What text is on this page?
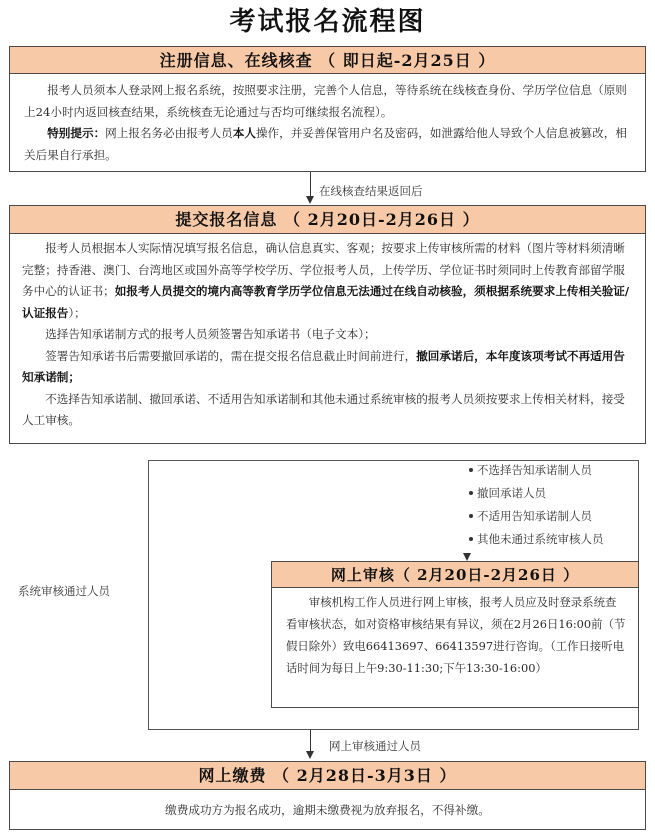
考试报名流程图
注册信息、在线核查 （ 即日起-2月25日 ）

报考人员须本人登录网上报名系统，按照要求注册，完善个人信息，等待系统在线核查身份、学历学位信息（原则上24小时内返回核查结果，系统核查无论通过与否均可继续报名流程）。

特别提示：网上报名务必由报考人员本人操作，并妥善保管用户名及密码，如泄露给他人导致个人信息被篡改，相关后果自行承担。

在线核查结果返回后
提交报名信息 （ 2月20日-2月26日 ）

报考人员根据本人实际情况填写报名信息，确认信息真实、客观；按要求上传审核所需的材料（图片等材料须清晰完整；持香港、澳门、台湾地区或国外高等学校学历、学位报考人员，上传学历、学位证书时须同时上传教育部留学服务中心的认证书；如报考人员提交的境内高等教育学历学位信息无法通过在线自动核验，须根据系统要求上传相关验证/认证报告）；

选择告知承诺制方式的报考人员须签署告知承诺书（电子文本）；

签署告知承诺书后需要撤回承诺的，需在提交报名信息截止时间前进行，撤回承诺后，本年度该项考试不再适用告知承诺制；

不选择告知承诺制、撤回承诺、不适用告知承诺制和其他未通过系统审核的报考人员须按要求上传相关材料，接受人工审核。

系统审核通过人员
不选择告知承诺制人员
撤回承诺人员
不适用告知承诺制人员
其他未通过系统审核人员
网上审核（ 2月20日-2月26日 ）

审核机构工作人员进行网上审核，报考人员应及时登录系统查看审核状态，如对资格审核结果有异议，须在2月26日16:00前（节假日除外）致电66413697、66413597进行咨询。（工作日接听电话时间为每日上午9:30-11:30;下午13:30-16:00）

网上审核通过人员
网上缴费 （ 2月28日-3月3日 ）
缴费成功方为报名成功，逾期未缴费视为放弃报名，不得补缴。
